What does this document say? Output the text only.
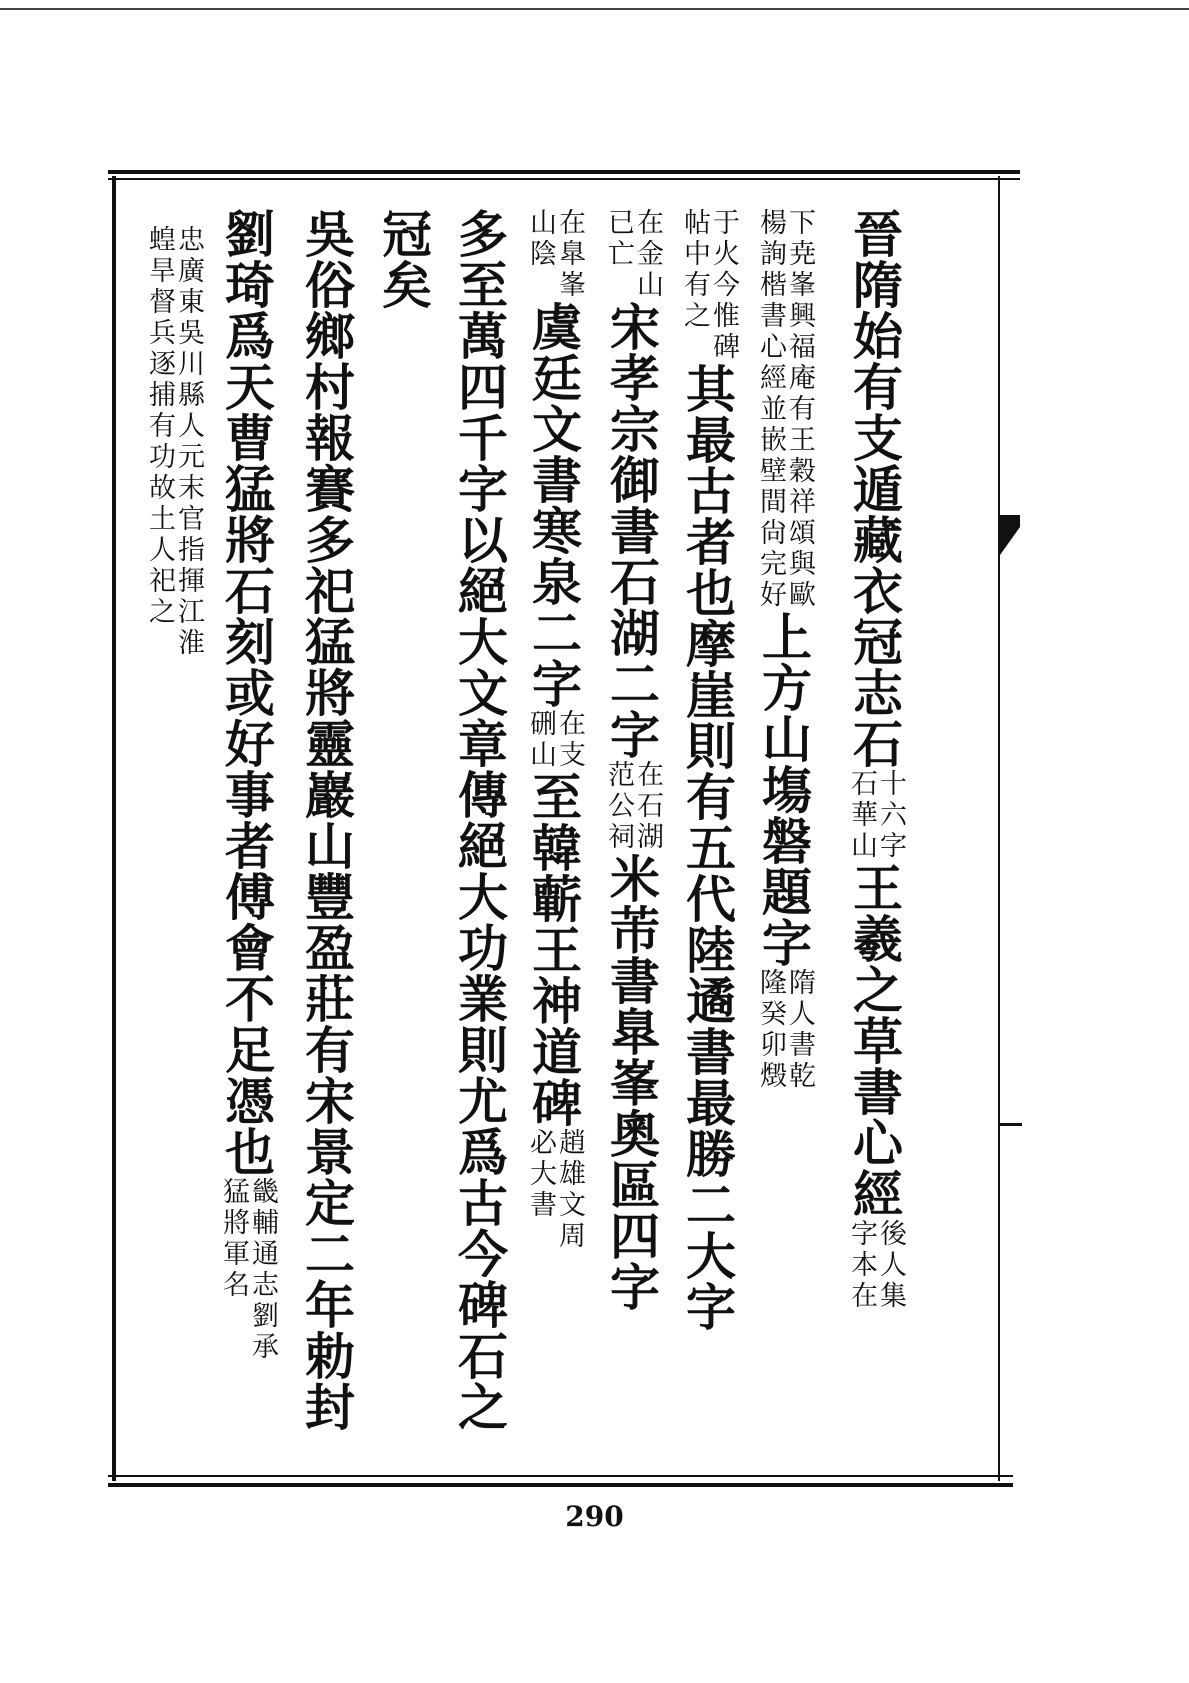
晉隋始有支遁藏衣冠志石十六字
石華山王羲之草書心經後人集
字本在
下尭峯興福庵有王穀祥頌與歐
楊詢楷書心經並嵌壁間尙完好上方山塲磐題字隋人書乾
隆癸卯燬
于火今惟碑
帖中有之其最古者也摩崖則有五代陸遹書最勝二大字
在金山
已亡宋孝宗御書石湖二字在石湖
范公祠米芾書臯峯奧區四字
在臯峯
山陰虞廷文書寒泉二字在支
硎山至韓蘄王神道碑趙雄文周
必大書
多至萬四千字以絕大文章傳絕大功業則尤爲古今碑石之
冠矣
吳俗鄉村報賽多祀猛將靈巖山豐盈莊有宋景定二年勅封
劉琦爲天曹猛將石刻或好事者傅會不足憑也畿輔通志劉承
猛將軍名
忠廣東吳川縣人元末官指揮江淮
蝗旱督兵逐捕有功故土人祀之
290
